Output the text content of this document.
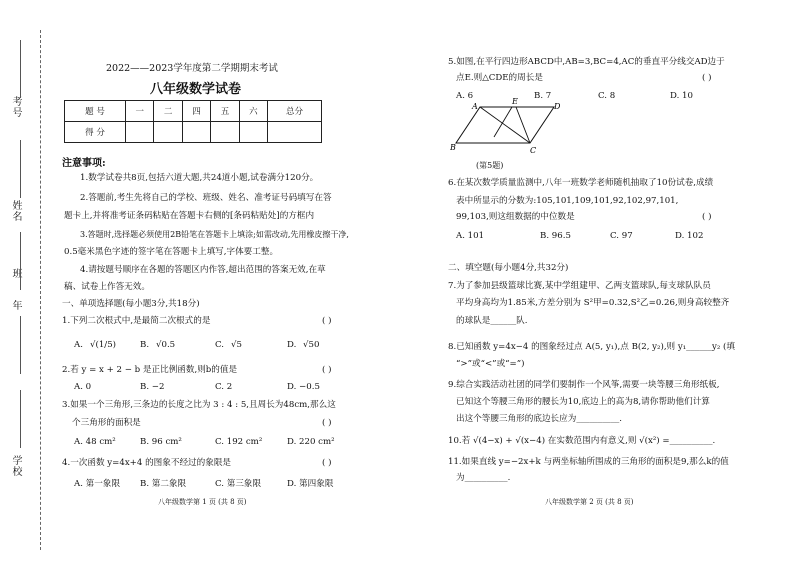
考号
姓名
班
年
学校
2022——2023学年度第二学期期末考试
八年级数学试卷
题 号	一	二	四	五	六	总分
得 分						
注意事项:
1.数学试卷共8页,包括六道大题,共24道小题,试卷满分120分。
2.答题前,考生先将自己的学校、班级、姓名、准考证号码填写在答
题卡上,并将准考证条码粘贴在答题卡右侧的[条码粘贴处]的方框内
3.答题时,选择题必须使用2B铅笔在答题卡上填涂;如需改动,先用橡皮擦干净,
0.5毫米黑色字迹的签字笔在答题卡上填写,字体要工整。
4.请按题号顺序在各题的答题区内作答,超出范围的答案无效,在草
稿、试卷上作答无效。
一、单项选择题(每小题3分,共18分)
1.下列二次根式中,是最简二次根式的是	( )
A. √(1/5)	B. √0.5	C. √5	D. √50
2.若 y = x + 2 − b 是正比例函数,则b的值是	( )
A. 0	B. −2	C. 2	D. −0.5
3.如果一个三角形,三条边的长度之比为 3 : 4 : 5,且周长为48cm,那么这
个三角形的面积是	( )
A. 48 cm²	B. 96 cm²	C. 192 cm²	D. 220 cm²
4.一次函数 y=4x+4 的图象不经过的象限是	( )
A. 第一象限 B. 第二象限	C. 第三象限	D. 第四象限
八年级数学第 1 页 (共 8 页)
5.如图,在平行四边形ABCD中,AB=3,BC=4,AC的垂直平分线交AD边于
点E.则△CDE的周长是	( )
A. 6	B. 7	C. 8	D. 10
A
E
D
B	C
(第5题)
6.在某次数学质量监测中,八年一班数学老师随机抽取了10份试卷,成绩
表中所显示的分数为:105,101,109,101,92,102,97,101,
99,103,则这组数据的中位数是	( )
A. 101	B. 96.5	C. 97	D. 102
二、填空题(每小题4分,共32分)
7.为了参加县级篮球比赛,某中学组建甲、乙两支篮球队,每支球队队员
平均身高均为1.85米,方差分别为 S²甲=0.32,S²乙=0.26,则身高较整齐
的球队是______队.
8.已知函数 y=4x−4 的图象经过点 A(5, y₁),点 B(2, y₂),则 y₁______y₂ (填
“>”或“<”或“=”)
9.综合实践活动社团的同学们要制作一个风筝,需要一块等腰三角形纸板,
已知这个等腰三角形的腰长为10,底边上的高为8,请你帮助他们计算
出这个等腰三角形的底边长应为__________.
10.若 √(4−x) + √(x−4) 在实数范围内有意义,则 √(x²) =__________.
11.如果直线 y=−2x+k 与两坐标轴所围成的三角形的面积是9,那么k的值
为__________.
八年级数学第 2 页 (共 8 页)
